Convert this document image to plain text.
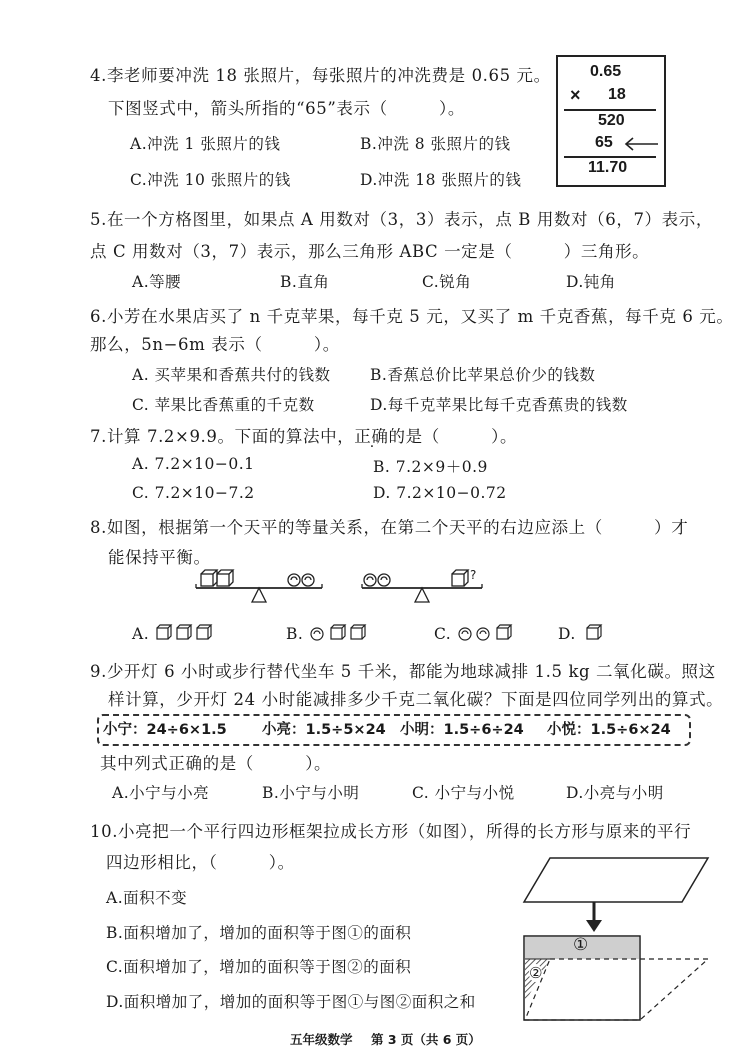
4.李老师要冲洗 18 张照片，每张照片的冲洗费是 0.65 元。
下图竖式中，箭头所指的“65”表示（　　　）。
A.冲洗 1 张照片的钱	B.冲洗 8 张照片的钱
C.冲洗 10 张照片的钱	D.冲洗 18 张照片的钱
0.65
× 18
520
65
11.70
5.在一个方格图里，如果点 A 用数对（3，3）表示，点 B 用数对（6，7）表示，
点 C 用数对（3，7）表示，那么三角形 ABC 一定是（　　　）三角形。
A.等腰	B.直角	C.锐角	D.钝角
6.小芳在水果店买了 n 千克苹果，每千克 5 元，又买了 m 千克香蕉，每千克 6 元。
那么，5n−6m 表示（　　　）。
A. 买苹果和香蕉共付的钱数	B.香蕉总价比苹果总价少的钱数
C. 苹果比香蕉重的千克数	D.每千克苹果比每千克香蕉贵的钱数
7.计算 7.2×9.9。下面的算法中，正确的是（　　　）。
A. 7.2×10−0.1	B. 7.2×9＋0.9
C. 7.2×10−7.2	D. 7.2×10−0.72
8.如图，根据第一个天平的等量关系，在第二个天平的右边应添上（　　　）才
能保持平衡。
?
A.	B.	C.	D.
9.少开灯 6 小时或步行替代坐车 5 千米，都能为地球减排 1.5 kg 二氧化碳。照这
样计算，少开灯 24 小时能减排多少千克二氧化碳？下面是四位同学列出的算式。
小宁：24÷6×1.5 小亮：1.5÷5×24 小明：1.5÷6÷24 小悦：1.5÷6×24
其中列式正确的是（　　　）。
A.小宁与小亮	B.小宁与小明	C. 小宁与小悦	D.小亮与小明
10.小亮把一个平行四边形框架拉成长方形（如图），所得的长方形与原来的平行
四边形相比，（　　　）。
A.面积不变
B.面积增加了，增加的面积等于图①的面积
C.面积增加了，增加的面积等于图②的面积
D.面积增加了，增加的面积等于图①与图②面积之和
①
②
五年级数学 第 3 页（共 6 页）
